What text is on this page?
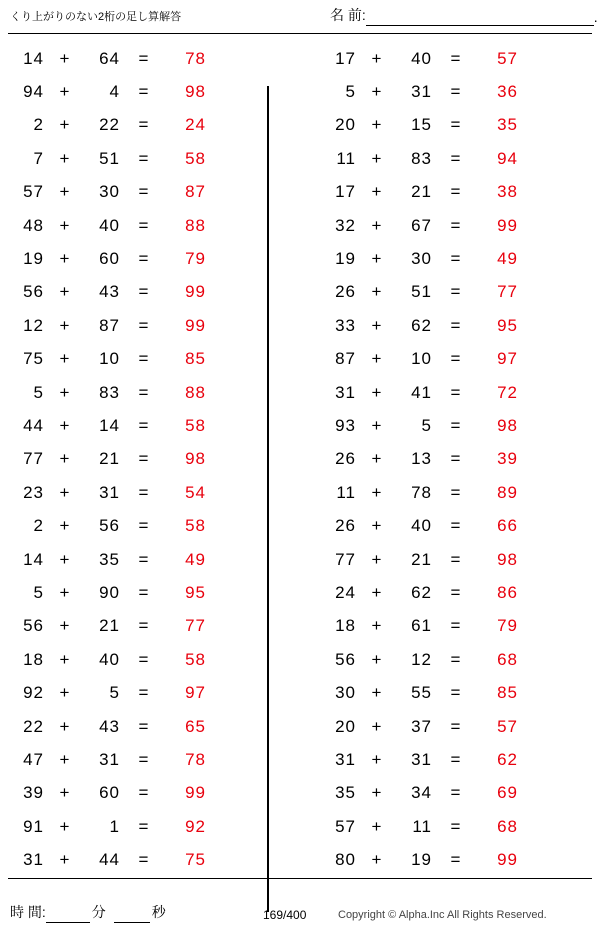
くり上がりのない2桁の足し算解答	名 前:	.
14 +	64	=	78
94 +	4	=	98
2 +	22	=	24
7 +	51	=	58
57 +	30	=	87
48 +	40	=	88
19 +	60	=	79
56 +	43	=	99
12 +	87	=	99
75 +	10	=	85
5 +	83	=	88
44 +	14	=	58
77 +	21	=	98
23 +	31	=	54
2 +	56	=	58
14 +	35	=	49
5 +	90	=	95
56 +	21	=	77
18 +	40	=	58
92 +	5	=	97
22 +	43	=	65
47 +	31	=	78
39 +	60	=	99
91 +	1	=	92
31 +	44	=	75
17 +	40	=	57
5 +	31	=	36
20 +	15	=	35
11 +	83	=	94
17 +	21	=	38
32 +	67	=	99
19 +	30	=	49
26 +	51	=	77
33 +	62	=	95
87 +	10	=	97
31 +	41	=	72
93 +	5	=	98
26 +	13	=	39
11 +	78	=	89
26 +	40	=	66
77 +	21	=	98
24 +	62	=	86
18 +	61	=	79
56 +	12	=	68
30 +	55	=	85
20 +	37	=	57
31 +	31	=	62
35 +	34	=	69
57 +	11	=	68
80 +	19	=	99
時 間:	分	秒	169/400	Copyright © Alpha.Inc All Rights Reserved.
